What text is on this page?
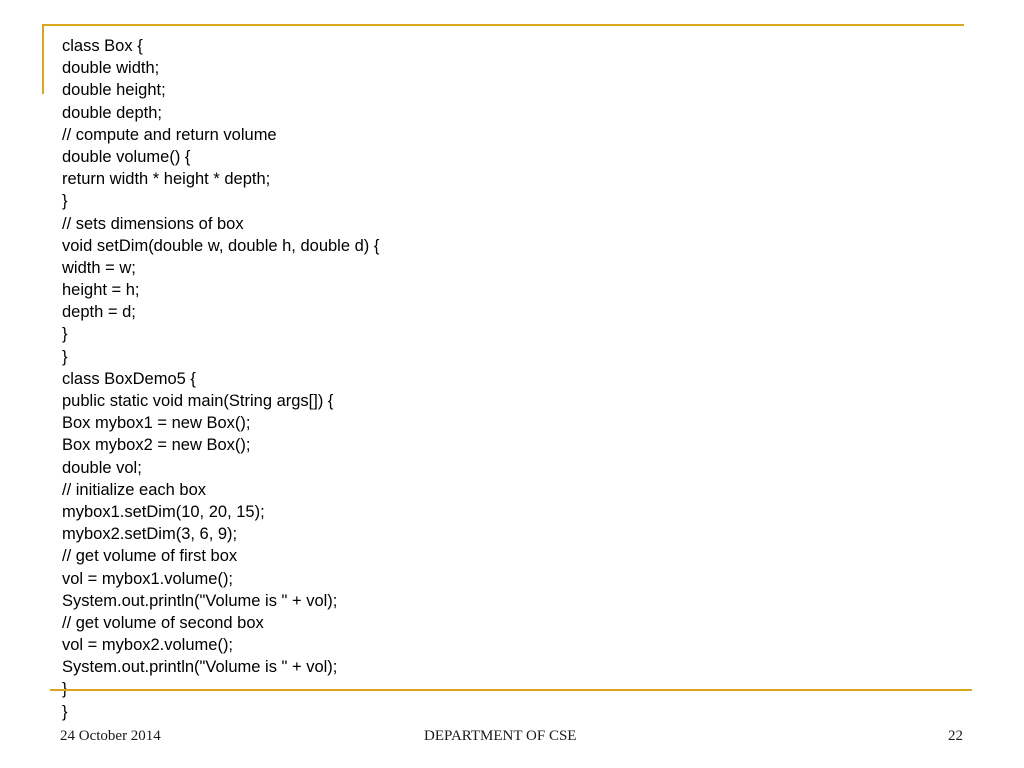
class Box {
double width;
double height;
double depth;
// compute and return volume
double volume() {
return width * height * depth;
}
// sets dimensions of box
void setDim(double w, double h, double d) {
width = w;
height = h;
depth = d;
}
}
class BoxDemo5 {
public static void main(String args[]) {
Box mybox1 = new Box();
Box mybox2 = new Box();
double vol;
// initialize each box
mybox1.setDim(10, 20, 15);
mybox2.setDim(3, 6, 9);
// get volume of first box
vol = mybox1.volume();
System.out.println("Volume is " + vol);
// get volume of second box
vol = mybox2.volume();
System.out.println("Volume is " + vol);
}
24 October 2014	DEPARTMENT OF CSE	22
